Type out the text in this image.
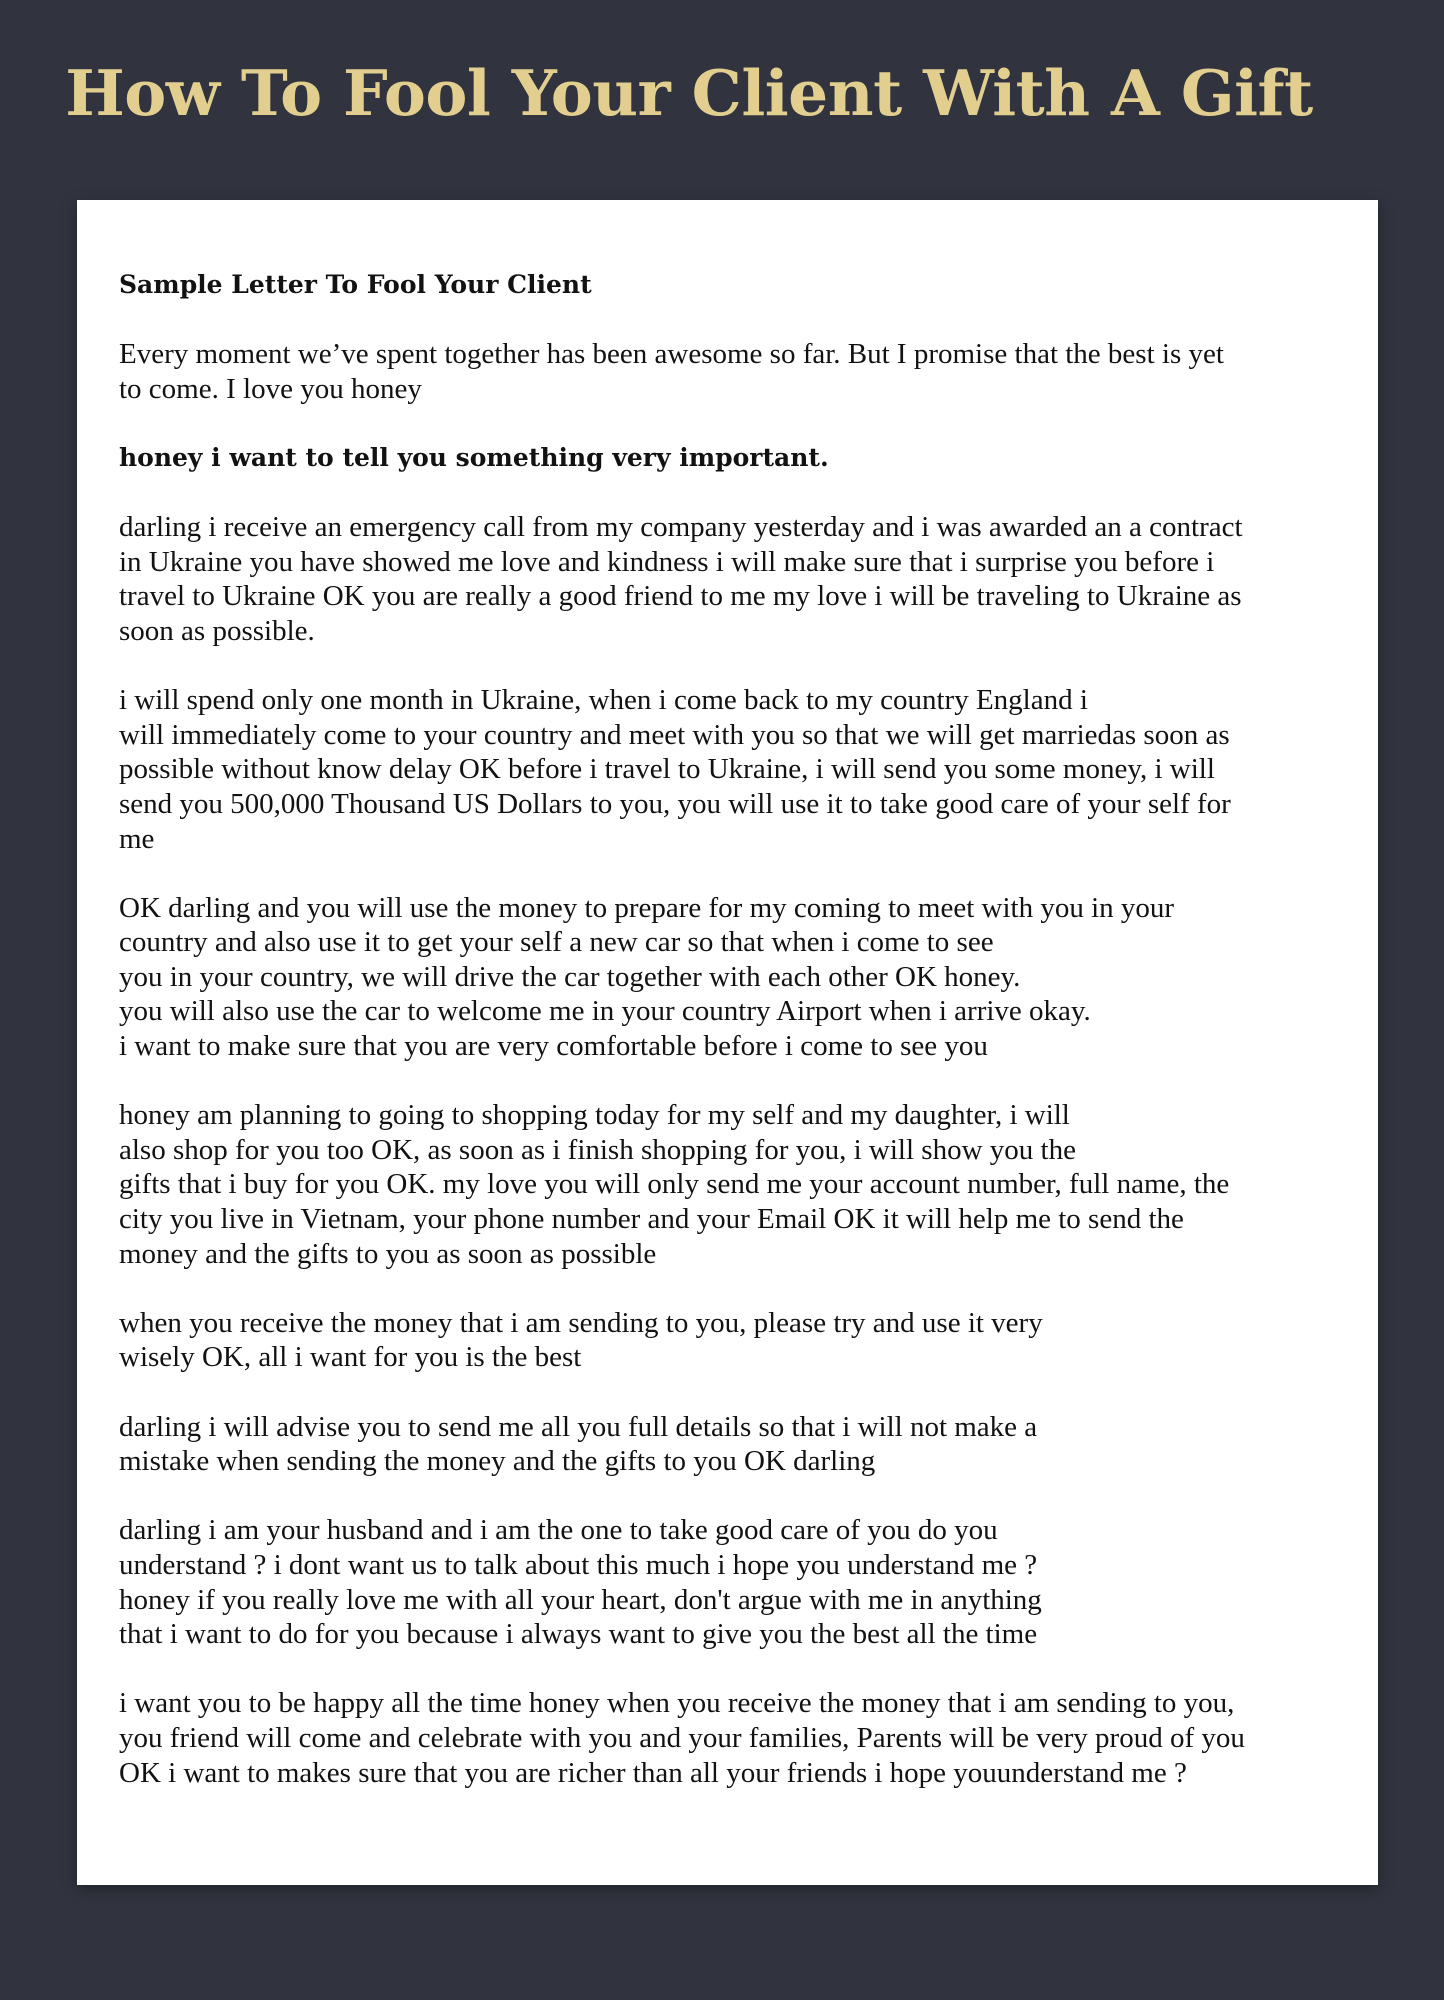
How To Fool Your Client With A Gift

Sample Letter To Fool Your Client

Every moment we’ve spent together has been awesome so far. But I promise that the best is yet
to come. I love you honey

honey i want to tell you something very important.

darling i receive an emergency call from my company yesterday and i was awarded an a contract
in Ukraine you have showed me love and kindness i will make sure that i surprise you before i
travel to Ukraine OK you are really a good friend to me my love i will be traveling to Ukraine as
soon as possible.

i will spend only one month in Ukraine, when i come back to my country England i
will immediately come to your country and meet with you so that we will get marriedas soon as
possible without know delay OK before i travel to Ukraine, i will send you some money, i will
send you 500,000 Thousand US Dollars to you, you will use it to take good care of your self for
me

OK darling and you will use the money to prepare for my coming to meet with you in your
country and also use it to get your self a new car so that when i come to see
you in your country, we will drive the car together with each other OK honey.
you will also use the car to welcome me in your country Airport when i arrive okay.
i want to make sure that you are very comfortable before i come to see you

honey am planning to going to shopping today for my self and my daughter, i will
also shop for you too OK, as soon as i finish shopping for you, i will show you the
gifts that i buy for you OK. my love you will only send me your account number, full name, the
city you live in Vietnam, your phone number and your Email OK it will help me to send the
money and the gifts to you as soon as possible

when you receive the money that i am sending to you, please try and use it very
wisely OK, all i want for you is the best

darling i will advise you to send me all you full details so that i will not make a
mistake when sending the money and the gifts to you OK darling

darling i am your husband and i am the one to take good care of you do you
understand ? i dont want us to talk about this much i hope you understand me ?
honey if you really love me with all your heart, don't argue with me in anything
that i want to do for you because i always want to give you the best all the time

i want you to be happy all the time honey when you receive the money that i am sending to you,
you friend will come and celebrate with you and your families, Parents will be very proud of you
OK i want to makes sure that you are richer than all your friends i hope youunderstand me ?
